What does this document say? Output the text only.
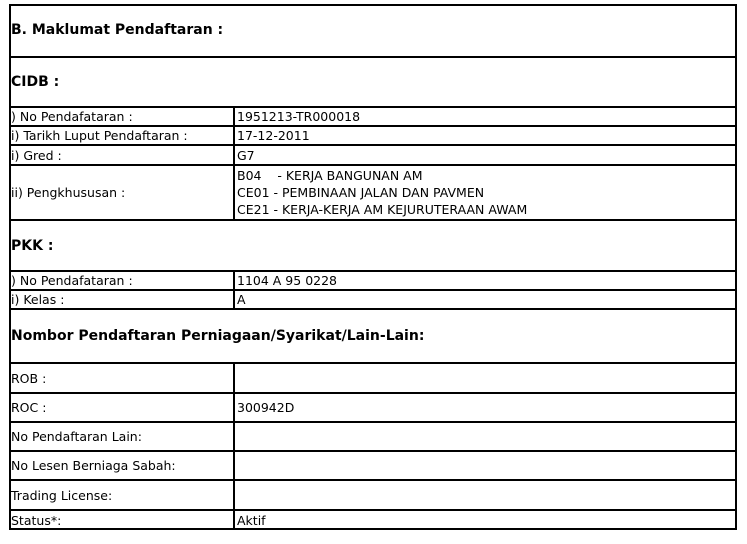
B. Maklumat Pendaftaran :
CIDB :
) No Pendafataran :	1951213-TR000018
i) Tarikh Luput Pendaftaran :	17-12-2011
i) Gred :	G7
ii) Pengkhususan :
B04    - KERJA BANGUNAN AM
CE01 - PEMBINAAN JALAN DAN PAVMEN
CE21 - KERJA-KERJA AM KEJURUTERAAN AWAM
PKK :
) No Pendafataran :	1104 A 95 0228
i) Kelas :	A
Nombor Pendaftaran Perniagaan/Syarikat/Lain-Lain:
ROB :
ROC :	300942D
No Pendaftaran Lain:
No Lesen Berniaga Sabah:
Trading License:
Status*:	Aktif
